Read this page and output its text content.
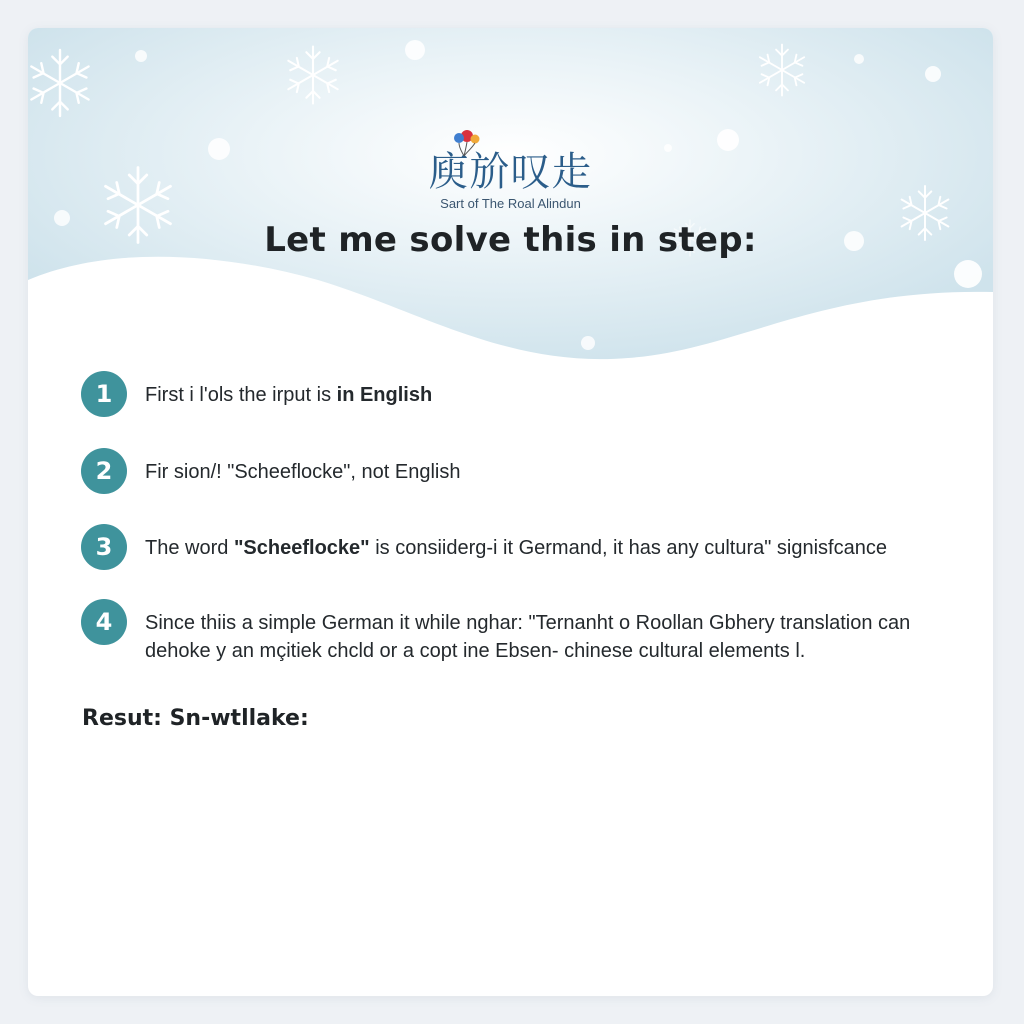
庾斺叹歨
Sart of The Roal Alindun
Let me solve this in step:
1	First i l'ols the irput is in English
2	Fir sion/! "Scheeflocke", not English
3	The word "Scheeflocke" is consiiderg-i it Germand, it has any cultura" signisfcance
4	Since thiis a simple German it while nghar: "Ternanht o Roollan Gbhery translation can
dehoke y an mçitiek chcld or a copt ine Ebsen- chinese cultural elements l.
Resut: Sn-wtllake:
